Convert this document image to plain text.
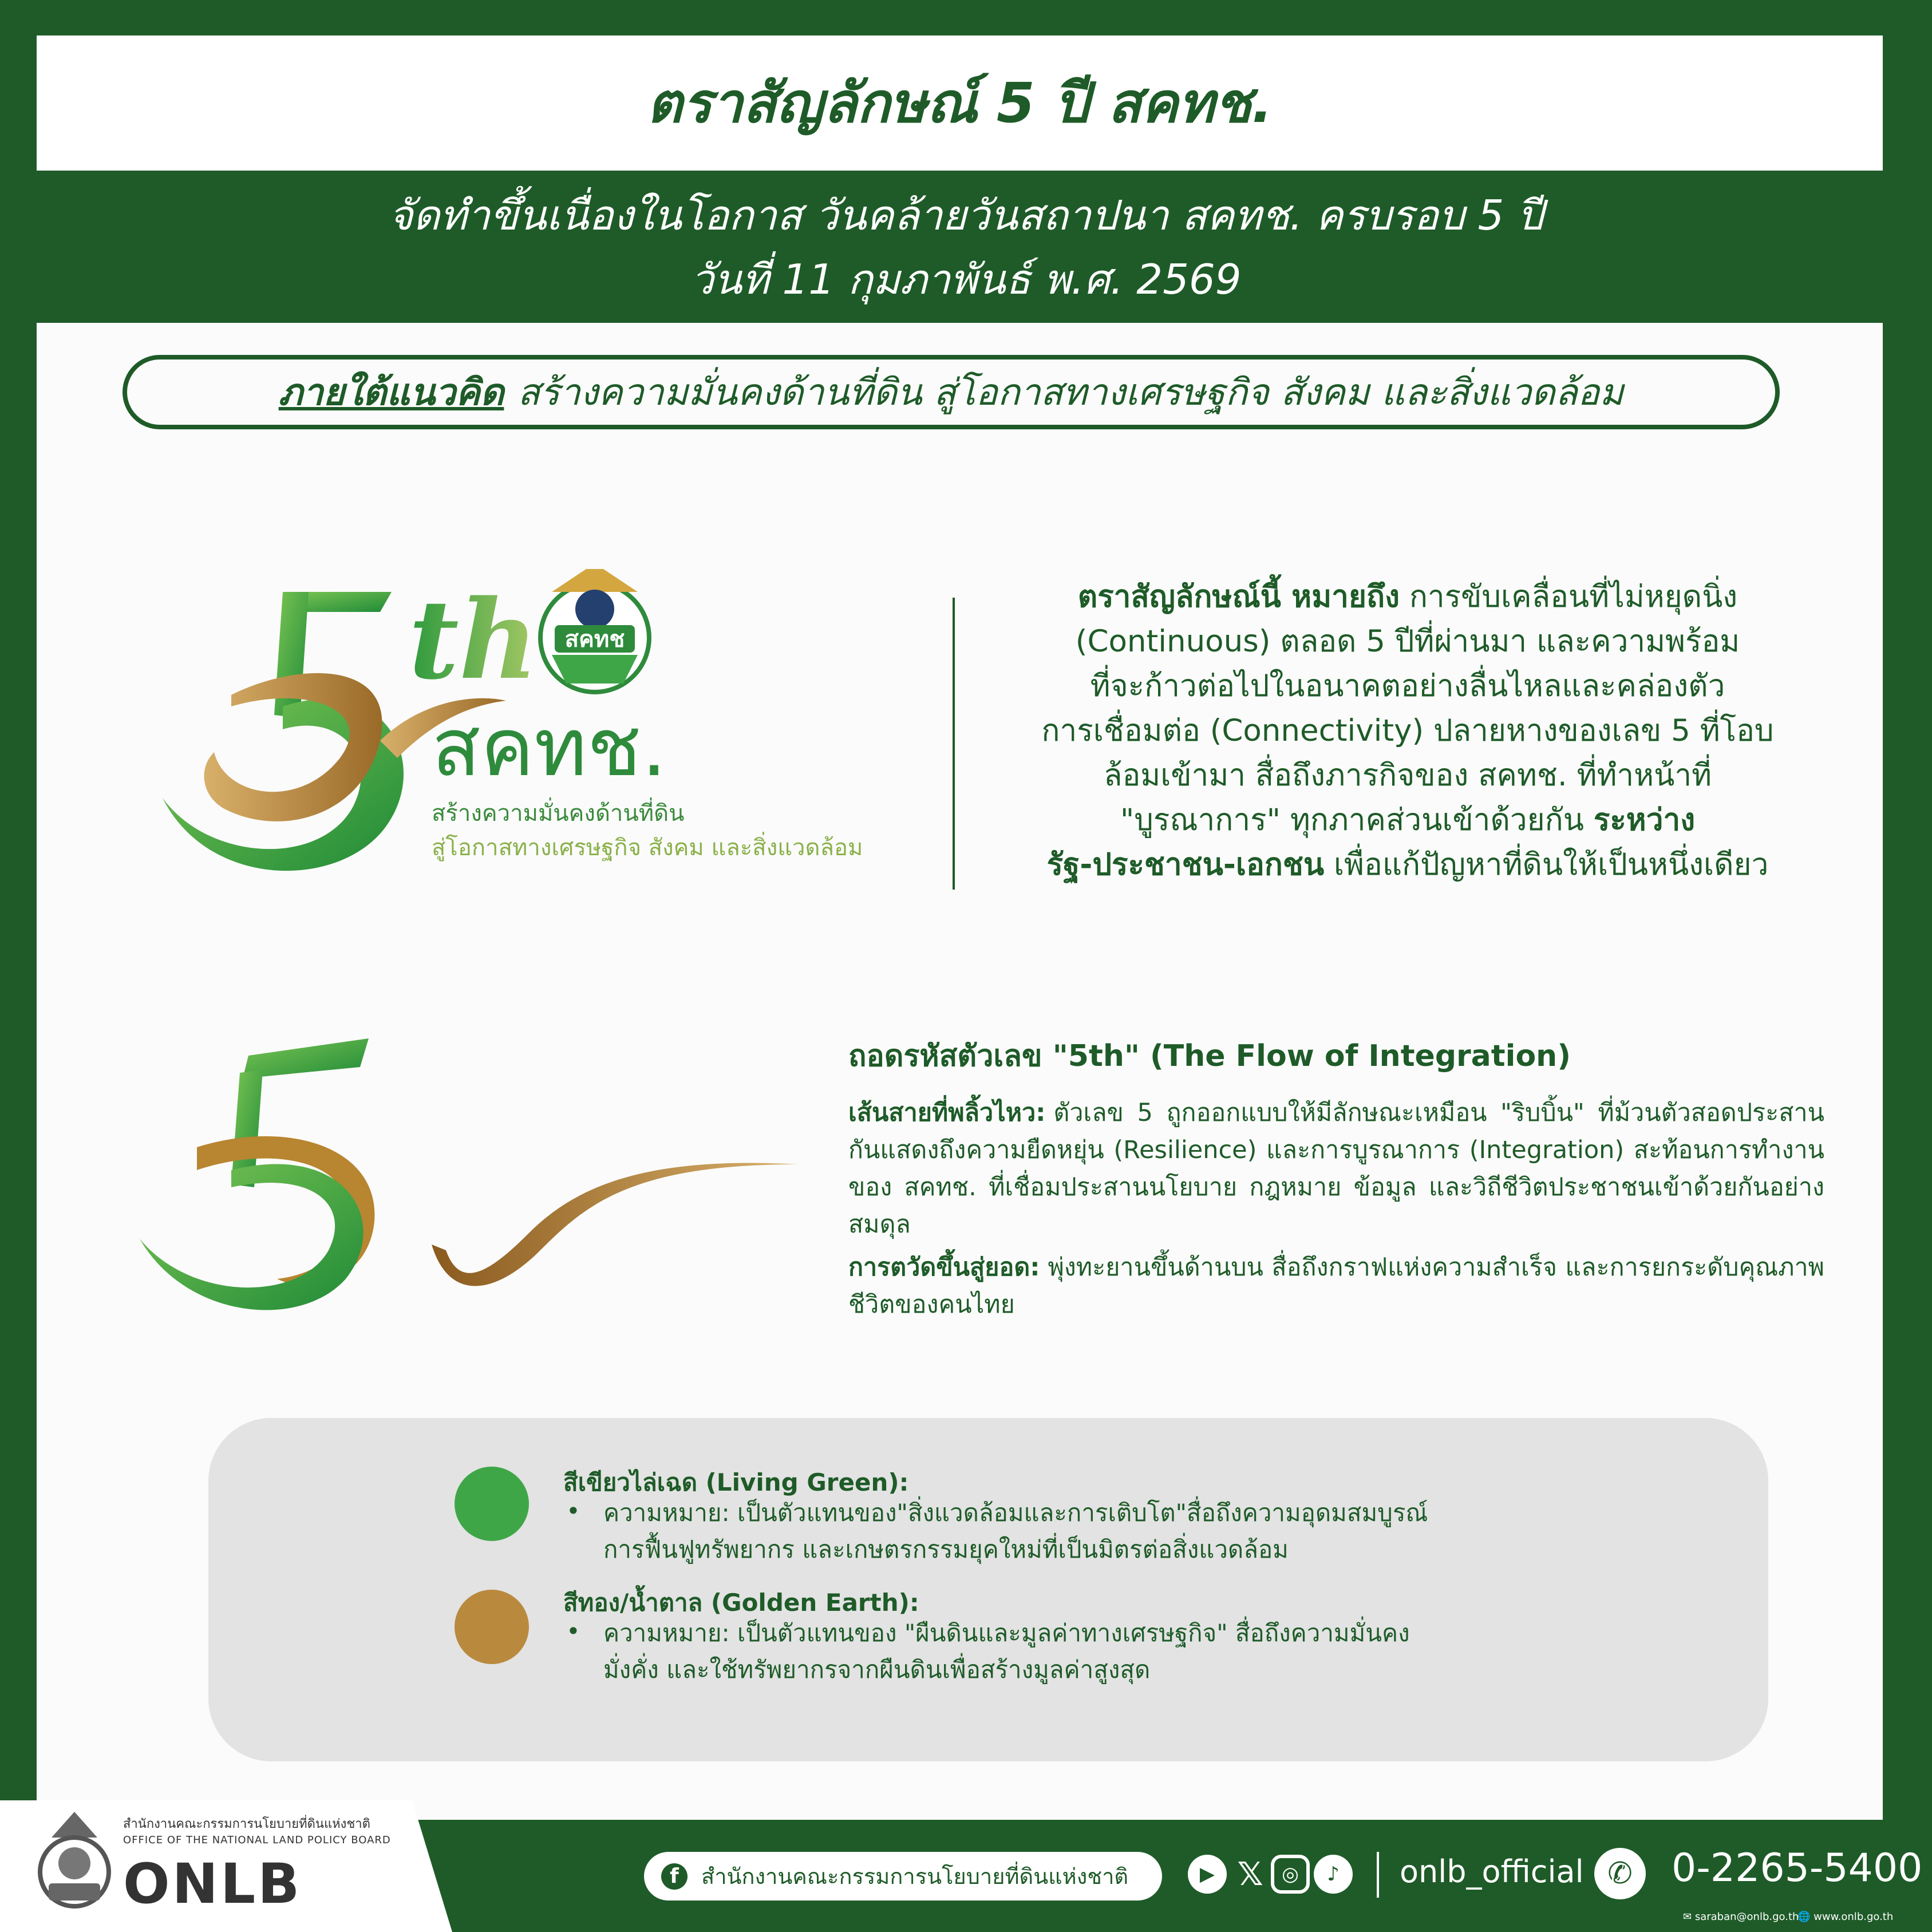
ตราสัญลักษณ์ 5 ปี สคทช.
จัดทำขึ้นเนื่องในโอกาส วันคล้ายวันสถาปนา สคทช. ครบรอบ 5 ปี
วันที่ 11 กุมภาพันธ์ พ.ศ. 2569
ภายใต้แนวคิด สร้างความมั่นคงด้านที่ดิน สู่โอกาสทางเศรษฐกิจ สังคม และสิ่งแวดล้อม
th สคทช
สคทช.
สร้างความมั่นคงด้านที่ดิน
สู่โอกาสทางเศรษฐกิจ สังคม และสิ่งแวดล้อม
ตราสัญลักษณ์นี้ หมายถึง การขับเคลื่อนที่ไม่หยุดนิ่ง
(Continuous) ตลอด 5 ปีที่ผ่านมา และความพร้อม
ที่จะก้าวต่อไปในอนาคตอย่างลื่นไหลและคล่องตัว
การเชื่อมต่อ (Connectivity) ปลายหางของเลข 5 ที่โอบ
ล้อมเข้ามา สื่อถึงภารกิจของ สคทช. ที่ทำหน้าที่
"บูรณาการ" ทุกภาคส่วนเข้าด้วยกัน ระหว่าง
รัฐ-ประชาชน-เอกชน เพื่อแก้ปัญหาที่ดินให้เป็นหนึ่งเดียว
ถอดรหัสตัวเลข "5th" (The Flow of Integration)
เส้นสายที่พลิ้วไหว: ตัวเลข 5 ถูกออกแบบให้มีลักษณะเหมือน "ริบบิ้น" ที่ม้วนตัวสอดประสานกันแสดงถึงความยืดหยุ่น (Resilience) และการบูรณาการ (Integration) สะท้อนการทำงานของ สคทช. ที่เชื่อมประสานนโยบาย กฎหมาย ข้อมูล และวิถีชีวิตประชาชนเข้าด้วยกันอย่างสมดุล
การตวัดขึ้นสู่ยอด: พุ่งทะยานขึ้นด้านบน สื่อถึงกราฟแห่งความสำเร็จ และการยกระดับคุณภาพชีวิตของคนไทย
สีเขียวไล่เฉด (Living Green):
• ความหมาย: เป็นตัวแทนของ"สิ่งแวดล้อมและการเติบโต"สื่อถึงความอุดมสมบูรณ์
การฟื้นฟูทรัพยากร และเกษตรกรรมยุคใหม่ที่เป็นมิตรต่อสิ่งแวดล้อม
สีทอง/น้ำตาล (Golden Earth):
• ความหมาย: เป็นตัวแทนของ "ผืนดินและมูลค่าทางเศรษฐกิจ" สื่อถึงความมั่นคง
มั่งคั่ง และใช้ทรัพยากรจากผืนดินเพื่อสร้างมูลค่าสูงสุด
สำนักงานคณะกรรมการนโยบายที่ดินแห่งชาติ
OFFICE OF THE NATIONAL LAND POLICY BOARD
ONLB	f	สำนักงานคณะกรรมการนโยบายที่ดินแห่งชาติ	▶ 𝕏 ◎	♪	onlb_official ✆	0-2265-5400
✉ saraban@onlb.go.th
🌐 www.onlb.go.th
